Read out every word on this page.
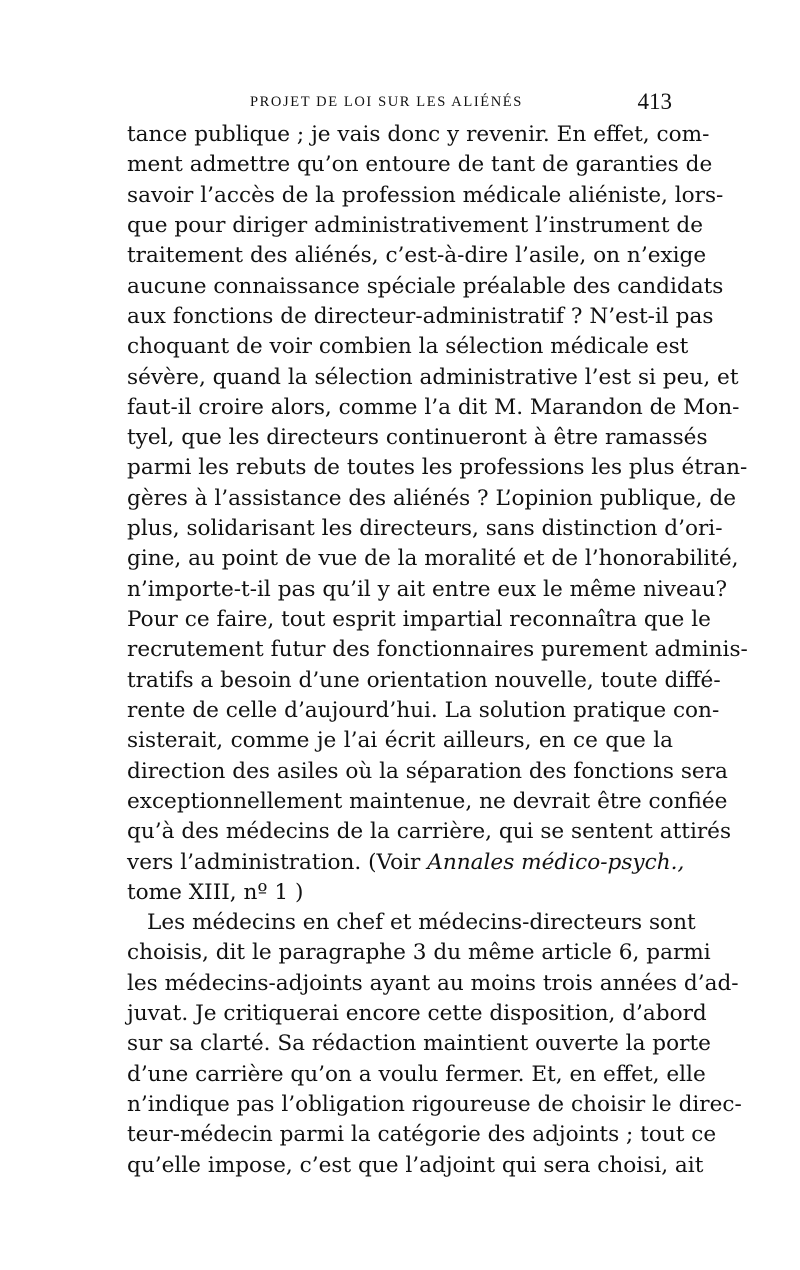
PROJET DE LOI SUR LES ALIÉNÉS	413
tance publique ; je vais donc y revenir. En effet, com-
ment admettre qu’on entoure de tant de garanties de
savoir l’accès de la profession médicale aliéniste, lors-
que pour diriger administrativement l’instrument de
traitement des aliénés, c’est-à-dire l’asile, on n’exige
aucune connaissance spéciale préalable des candidats
aux fonctions de directeur-administratif ? N’est-il pas
choquant de voir combien la sélection médicale est
sévère, quand la sélection administrative l’est si peu, et
faut-il croire alors, comme l’a dit M. Marandon de Mon-
tyel, que les directeurs continueront à être ramassés
parmi les rebuts de toutes les professions les plus étran-
gères à l’assistance des aliénés ? L’opinion publique, de
plus, solidarisant les directeurs, sans distinction d’ori-
gine, au point de vue de la moralité et de l’honorabilité,
n’importe-t-il pas qu’il y ait entre eux le même niveau?
Pour ce faire, tout esprit impartial reconnaîtra que le
recrutement futur des fonctionnaires purement adminis-
tratifs a besoin d’une orientation nouvelle, toute diffé-
rente de celle d’aujourd’hui. La solution pratique con-
sisterait, comme je l’ai écrit ailleurs, en ce que la
direction des asiles où la séparation des fonctions sera
exceptionnellement maintenue, ne devrait être confiée
qu’à des médecins de la carrière, qui se sentent attirés
vers l’administration. (Voir Annales médico-psych.,
tome XIII, nº 1 )
Les médecins en chef et médecins-directeurs sont
choisis, dit le paragraphe 3 du même article 6, parmi
les médecins-adjoints ayant au moins trois années d’ad-
juvat. Je critiquerai encore cette disposition, d’abord
sur sa clarté. Sa rédaction maintient ouverte la porte
d’une carrière qu’on a voulu fermer. Et, en effet, elle
n’indique pas l’obligation rigoureuse de choisir le direc-
teur-médecin parmi la catégorie des adjoints ; tout ce
qu’elle impose, c’est que l’adjoint qui sera choisi, ait
